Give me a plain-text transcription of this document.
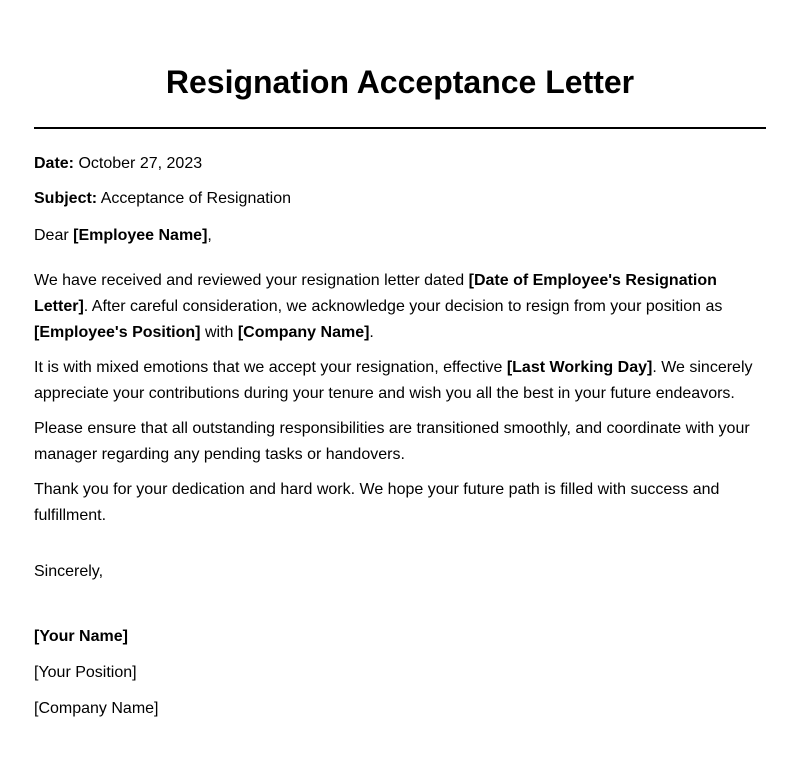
Resignation Acceptance Letter

Date: October 27, 2023

Subject: Acceptance of Resignation

Dear [Employee Name],

We have received and reviewed your resignation letter dated [Date of Employee's Resignation Letter]. After careful consideration, we acknowledge your decision to resign from your position as [Employee's Position] with [Company Name].

It is with mixed emotions that we accept your resignation, effective [Last Working Day]. We sincerely appreciate your contributions during your tenure and wish you all the best in your future endeavors.

Please ensure that all outstanding responsibilities are transitioned smoothly, and coordinate with your manager regarding any pending tasks or handovers.

Thank you for your dedication and hard work. We hope your future path is filled with success and fulfillment.

Sincerely,

[Your Name]

[Your Position]

[Company Name]
